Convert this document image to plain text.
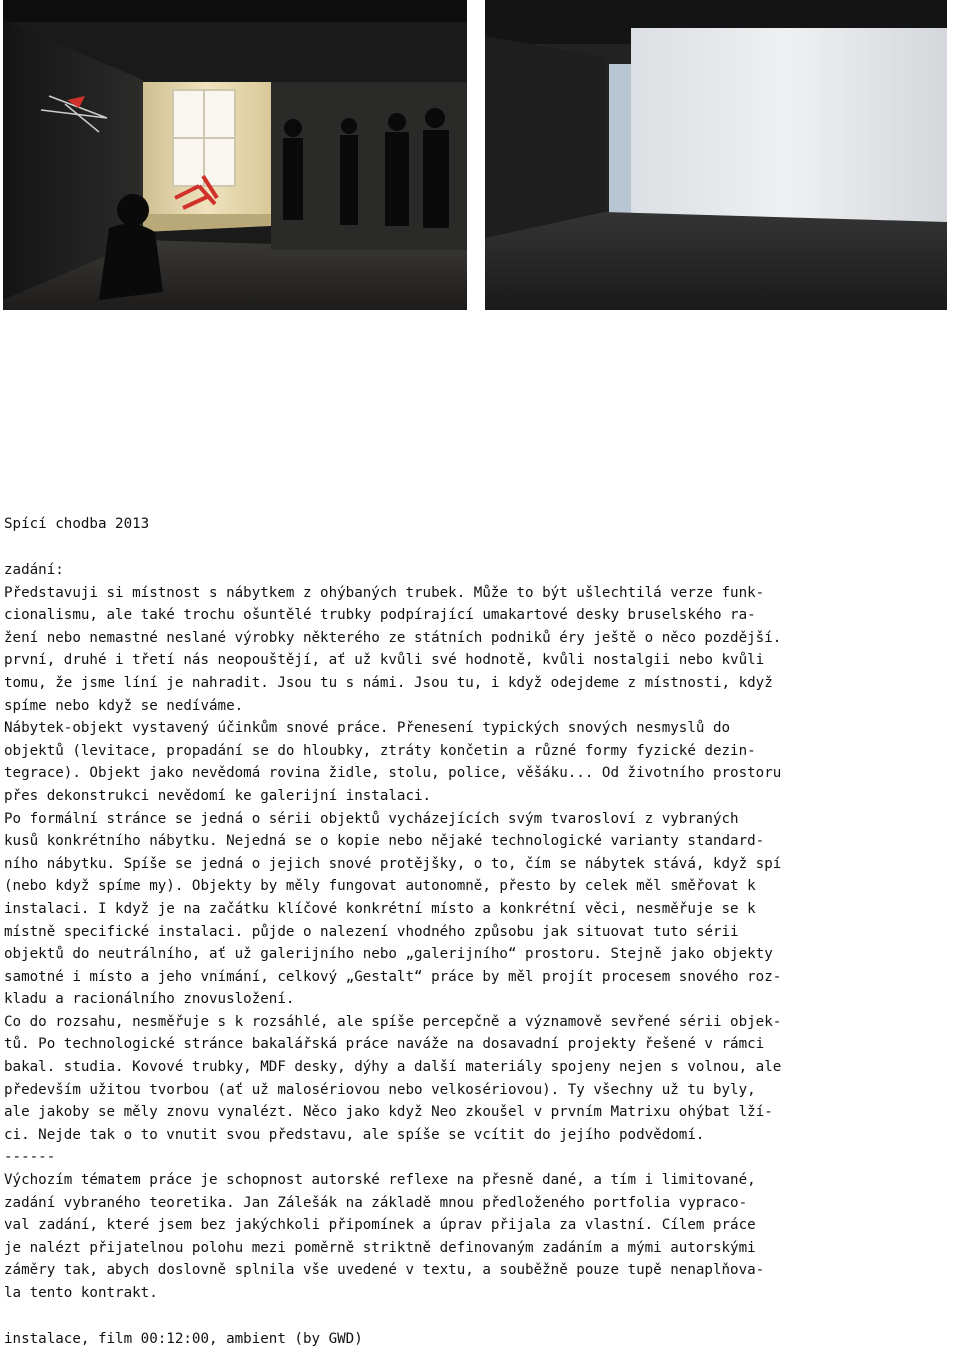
Spící chodba 2013

zadání:
Představuji si místnost s nábytkem z ohýbaných trubek. Může to být ušlechtilá verze funk-
cionalismu, ale také trochu ošuntělé trubky podpírající umakartové desky bruselského ra-
žení nebo nemastné neslané výrobky některého ze státních podniků éry ještě o něco pozdější.

první, druhé i třetí nás neopouštějí, ať už kvůli své hodnotě, kvůli nostalgii nebo kvůli
tomu, že jsme líní je nahradit. Jsou tu s námi. Jsou tu, i když odejdeme z místnosti, když
spíme nebo když se nedíváme.

Nábytek-objekt vystavený účinkům snové práce. Přenesení typických snových nesmyslů do
objektů (levitace, propadání se do hloubky, ztráty končetin a různé formy fyzické dezin-
tegrace). Objekt jako nevědomá rovina židle, stolu, police, věšáku... Od životního prostoru
přes dekonstrukci nevědomí ke galerijní instalaci.

Po formální stránce se jedná o sérii objektů vycházejících svým tvarosloví z vybraných
kusů konkrétního nábytku. Nejedná se o kopie nebo nějaké technologické varianty standard-
ního nábytku. Spíše se jedná o jejich snové protějšky, o to, čím se nábytek stává, když spí
(nebo když spíme my). Objekty by měly fungovat autonomně, přesto by celek měl směřovat k
instalaci. I když je na začátku klíčové konkrétní místo a konkrétní věci, nesměřuje se k
místně specifické instalaci. půjde o nalezení vhodného způsobu jak situovat tuto sérii
objektů do neutrálního, ať už galerijního nebo „galerijního“ prostoru. Stejně jako objekty
samotné i místo a jeho vnímání, celkový „Gestalt“ práce by měl projít procesem snového roz-
kladu a racionálního znovusložení.

Co do rozsahu, nesměřuje s k rozsáhlé, ale spíše percepčně a významově sevřené sérii objek-
tů. Po technologické stránce bakalářská práce naváže na dosavadní projekty řešené v rámci
bakal. studia. Kovové trubky, MDF desky, dýhy a další materiály spojeny nejen s volnou, ale
především užitou tvorbou (ať už malosériovou nebo velkosériovou). Ty všechny už tu byly,
ale jakoby se měly znovu vynalézt. Něco jako když Neo zkoušel v prvním Matrixu ohýbat lží-
ci. Nejde tak o to vnutit svou představu, ale spíše se vcítit do jejího podvědomí.

------

Výchozím tématem práce je schopnost autorské reflexe na přesně dané, a tím i limitované,
zadání vybraného teoretika. Jan Zálešák na základě mnou předloženého portfolia vypraco-
val zadání, které jsem bez jakýchkoli připomínek a úprav přijala za vlastní. Cílem práce
je nalézt přijatelnou polohu mezi poměrně striktně definovaným zadáním a mými autorskými
záměry tak, abych doslovně splnila vše uvedené v textu, a souběžně pouze tupě nenaplňova-
la tento kontrakt.

instalace, film 00:12:00, ambient (by GWD)
